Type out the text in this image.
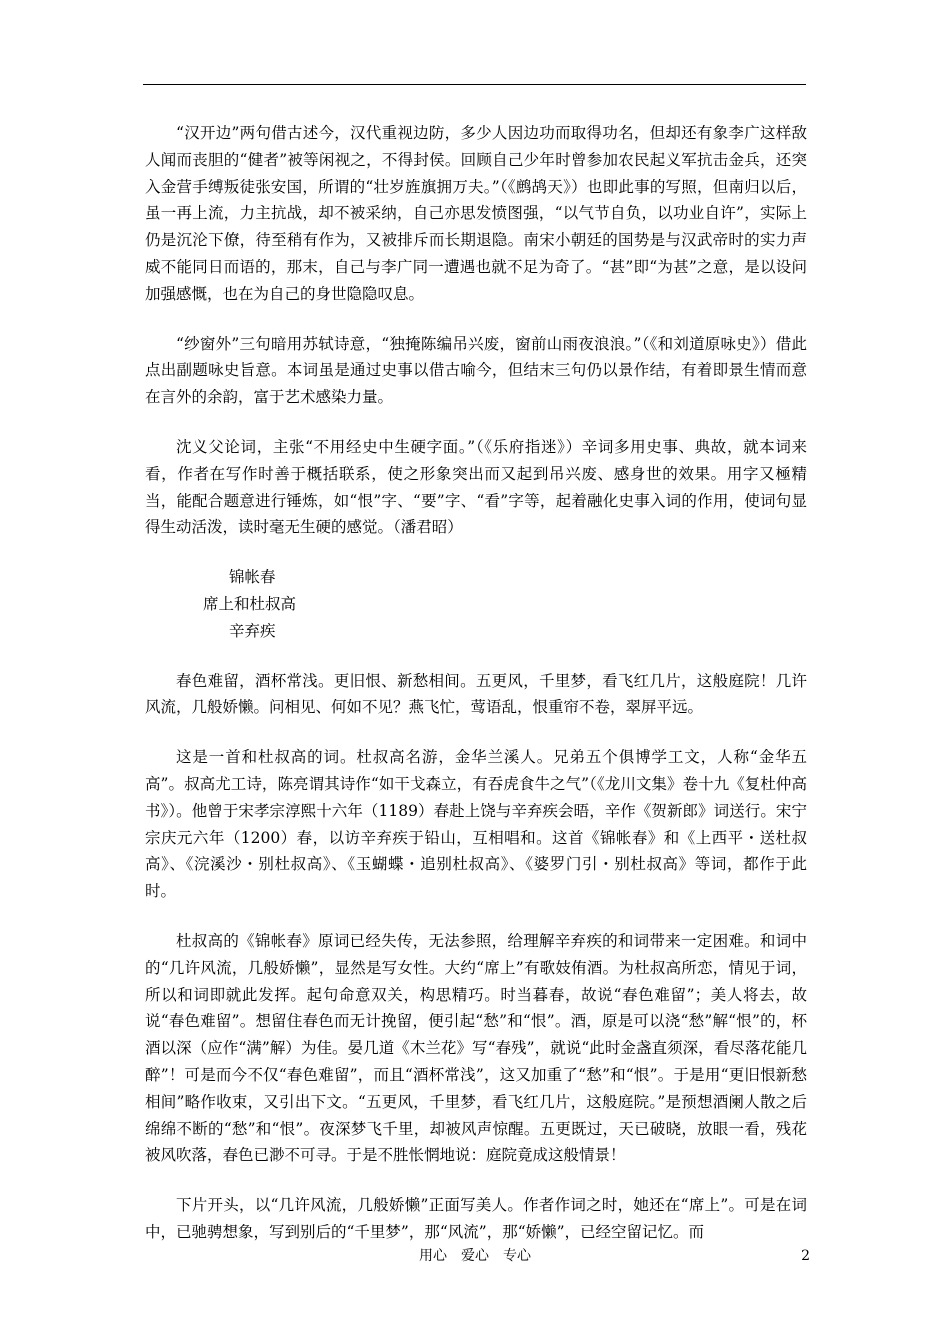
“汉开边”两句借古述今，汉代重视边防，多少人因边功而取得功名，但却还有象李广这样敌人闻而丧胆的“健者”被等闲视之，不得封侯。回顾自己少年时曾参加农民起义军抗击金兵，还突入金营手缚叛徒张安国，所谓的“壮岁旌旗拥万夫。”（《鹧鸪天》）也即此事的写照，但南归以后，虽一再上流，力主抗战，却不被采纳，自己亦思发愤图强，“以气节自负，以功业自许”，实际上仍是沉沦下僚，待至稍有作为，又被排斥而长期退隐。南宋小朝廷的国势是与汉武帝时的实力声威不能同日而语的，那末，自己与李广同一遭遇也就不足为奇了。“甚”即“为甚”之意，是以设问加强感慨，也在为自己的身世隐隐叹息。

“纱窗外”三句暗用苏轼诗意，“独掩陈编吊兴废，窗前山雨夜浪浪。”（《和刘道原咏史》）借此点出副题咏史旨意。本词虽是通过史事以借古喻今，但结末三句仍以景作结，有着即景生情而意在言外的余韵，富于艺术感染力量。

沈义父论词，主张“不用经史中生硬字面。”（《乐府指迷》）辛词多用史事、典故，就本词来看，作者在写作时善于概括联系，使之形象突出而又起到吊兴废、感身世的效果。用字又極精当，能配合题意进行锤炼，如“恨”字、“要”字、“看”字等，起着融化史事入词的作用，使词句显得生动活泼，读时毫无生硬的感觉。（潘君昭）

锦帐春
席上和杜叔高
辛弃疾

春色难留，酒杯常浅。更旧恨、新愁相间。五更风，千里梦，看飞红几片，这般庭院！几许风流，几般娇懒。问相见、何如不见？燕飞忙，莺语乱，恨重帘不卷，翠屏平远。

这是一首和杜叔高的词。杜叔高名游，金华兰溪人。兄弟五个俱博学工文，人称“金华五高”。叔高尤工诗，陈亮谓其诗作“如干戈森立，有吞虎食牛之气”（《龙川文集》卷十九《复杜仲高书》）。他曾于宋孝宗淳熙十六年（1189）春赴上饶与辛弃疾会晤，辛作《贺新郎》词送行。宋宁宗庆元六年（1200）春，以访辛弃疾于铅山，互相唱和。这首《锦帐春》和《上西平・送杜叔高》、《浣溪沙・别杜叔高》、《玉蝴蝶・追别杜叔高》、《婆罗门引・别杜叔高》等词，都作于此时。

杜叔高的《锦帐春》原词已经失传，无法参照，给理解辛弃疾的和词带来一定困难。和词中的“几许风流，几般娇懒”，显然是写女性。大约“席上”有歌妓侑酒。为杜叔高所恋，情见于词，所以和词即就此发挥。起句命意双关，构思精巧。时当暮春，故说“春色难留”；美人将去，故说“春色难留”。想留住春色而无计挽留，便引起“愁”和“恨”。酒，原是可以浇“愁”解“恨”的，杯酒以深（应作“满”解）为佳。晏几道《木兰花》写“春残”，就说“此时金盏直须深，看尽落花能几醉”！可是而今不仅“春色难留”，而且“酒杯常浅”，这又加重了“愁”和“恨”。于是用“更旧恨新愁相间”略作收束，又引出下文。“五更风，千里梦，看飞红几片，这般庭院。”是预想酒阑人散之后绵绵不断的“愁”和“恨”。夜深梦飞千里，却被风声惊醒。五更既过，天已破晓，放眼一看，残花被风吹落，春色已渺不可寻。于是不胜怅惘地说：庭院竟成这般情景！

下片开头，以“几许风流，几般娇懒”正面写美人。作者作词之时，她还在“席上”。可是在词中，已驰骋想象，写到别后的“千里梦”，那“风流”，那“娇懒”，已经空留记忆。而

用心　爱心　专心	2
